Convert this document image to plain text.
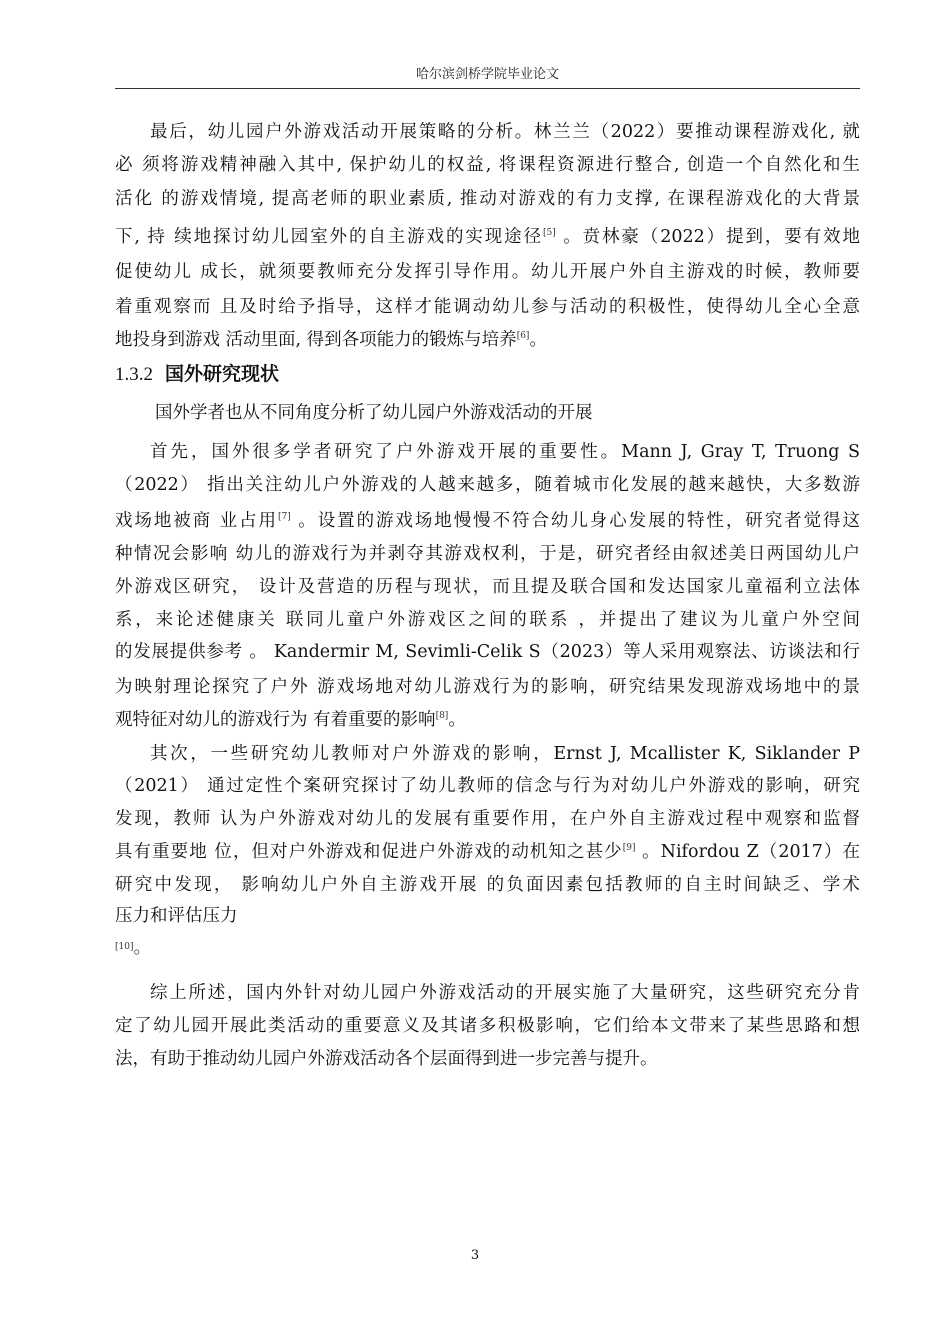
哈尔滨剑桥学院毕业论文
最后，幼儿园户外游戏活动开展策略的分析。林兰兰（2022）要推动课程游戏化, 就
必 须将游戏精神融入其中, 保护幼儿的权益, 将课程资源进行整合, 创造一个自然化和生
活化 的游戏情境, 提高老师的职业素质, 推动对游戏的有力支撑, 在课程游戏化的大背景
下, 持 续地探讨幼儿园室外的自主游戏的实现途径[5] 。贲林豪（2022）提到，要有效地
促使幼儿 成长，就须要教师充分发挥引导作用。幼儿开展户外自主游戏的时候，教师要
着重观察而 且及时给予指导，这样才能调动幼儿参与活动的积极性，使得幼儿全心全意
地投身到游戏 活动里面, 得到各项能力的锻炼与培养[6]。
1.3.2 国外研究现状
国外学者也从不同角度分析了幼儿园户外游戏活动的开展
首先，国外很多学者研究了户外游戏开展的重要性。Mann J, Gray T, Truong S
（2022） 指出关注幼儿户外游戏的人越来越多，随着城市化发展的越来越快，大多数游
戏场地被商 业占用[7] 。设置的游戏场地慢慢不符合幼儿身心发展的特性，研究者觉得这
种情况会影响 幼儿的游戏行为并剥夺其游戏权利，于是，研究者经由叙述美日两国幼儿户
外游戏区研究， 设计及营造的历程与现状，而且提及联合国和发达国家儿童福利立法体
系，来论述健康关 联同儿童户外游戏区之间的联系 ，并提出了建议为儿童户外空间
的发展提供参考 。 Kandermir M, Sevimli-Celik S（2023）等人采用观察法、访谈法和行
为映射理论探究了户外 游戏场地对幼儿游戏行为的影响，研究结果发现游戏场地中的景
观特征对幼儿的游戏行为 有着重要的影响[8]。
其次，一些研究幼儿教师对户外游戏的影响，Ernst J, Mcallister K, Siklander P
（2021） 通过定性个案研究探讨了幼儿教师的信念与行为对幼儿户外游戏的影响，研究
发现，教师 认为户外游戏对幼儿的发展有重要作用，在户外自主游戏过程中观察和监督
具有重要地 位，但对户外游戏和促进户外游戏的动机知之甚少[9] 。Nifordou Z（2017）在
研究中发现， 影响幼儿户外自主游戏开展 的负面因素包括教师的自主时间缺乏、学术
压力和评估压力
[10]。
综上所述，国内外针对幼儿园户外游戏活动的开展实施了大量研究，这些研究充分肯
定了幼儿园开展此类活动的重要意义及其诸多积极影响，它们给本文带来了某些思路和想
法，有助于推动幼儿园户外游戏活动各个层面得到进一步完善与提升。
3
